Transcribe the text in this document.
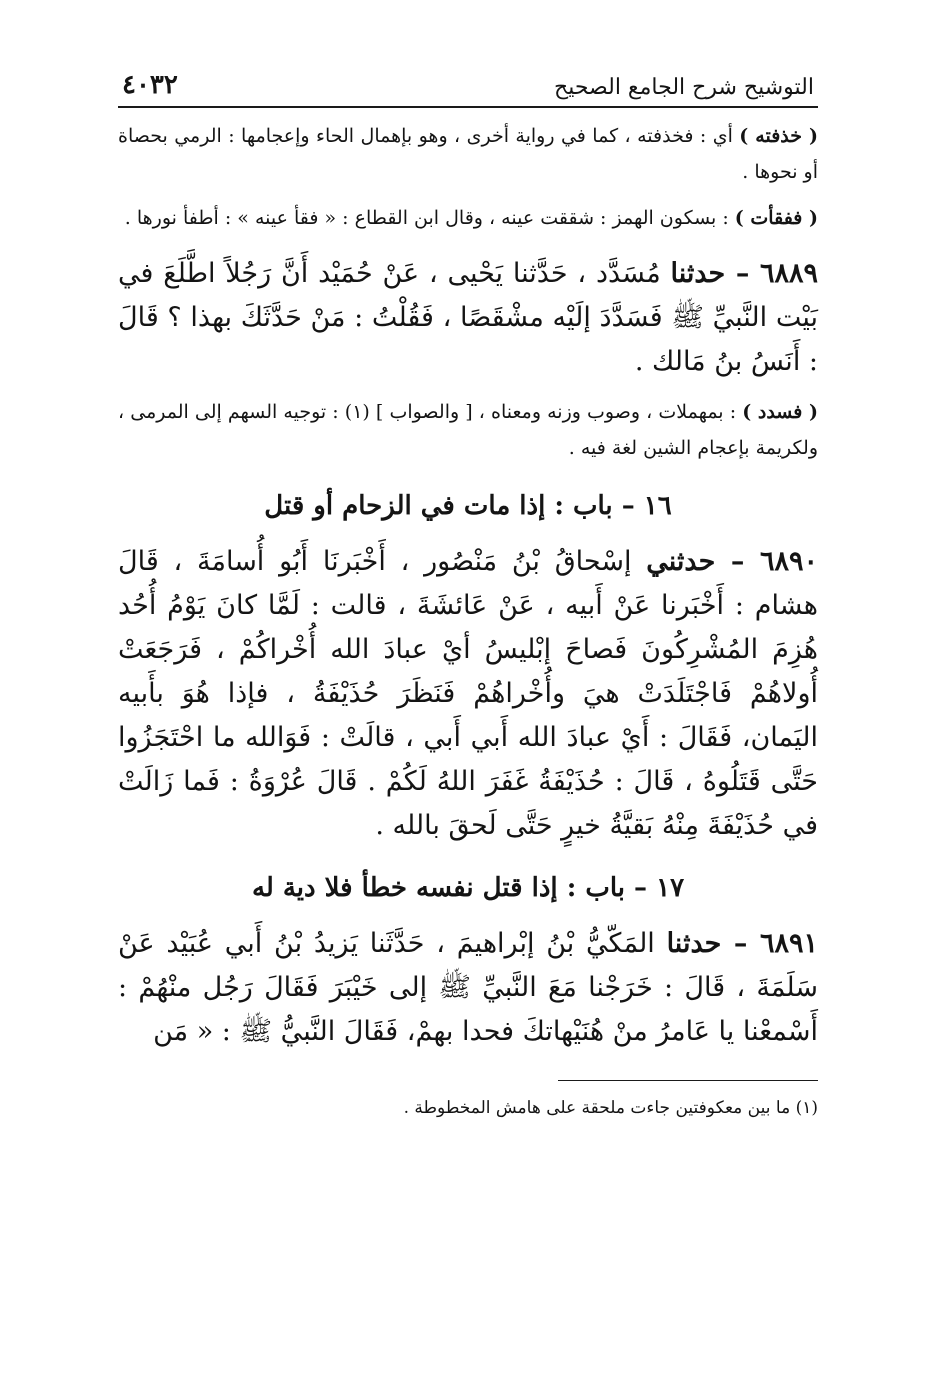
التوشيح شرح الجامع الصحيح
٤٠٣٢

( خذفته ) أي : فخذفته ، كما في رواية أخرى ، وهو بإهمال الحاء وإعجامها : الرمي بحصاة أو نحوها .

( ففقأت ) : بسكون الهمز : شققت عينه ، وقال ابن القطاع : « فقأ عينه » : أطفأ نورها .

٦٨٨٩ – حدثنا مُسَدَّد ، حَدَّثنا يَحْيى ، عَنْ حُمَيْد أَنَّ رَجُلاً اطَّلَعَ في بَيْت النَّبيِّ ﷺ فَسَدَّدَ إلَيْه مشْقَصًا ، فَقُلْتُ : مَنْ حَدَّثَكَ بهذا ؟ قَالَ : أَنَسُ بنُ مَالك .

( فسدد ) : بمهملات ، وصوب وزنه ومعناه ، [ والصواب ] (١) : توجيه السهم إلى المرمى ، ولكريمة بإعجام الشين لغة فيه .

١٦ – باب : إذا مات في الزحام أو قتل

٦٨٩٠ – حدثني إسْحاقُ بْنُ مَنْصُور ، أَخْبَرنَا أَبُو أُسامَةَ ، قَالَ هشام : أَخْبَرنا عَنْ أَبيه ، عَنْ عَائشَةَ ، قالت : لَمَّا كانَ يَوْمُ أُحُد هُزِمَ المُشْرِكُونَ فَصاحَ إبْليسُ أيْ عبادَ الله أُخْراكُمْ ، فَرَجَعَتْ أُولاهُمْ فَاجْتَلَدَتْ هيَ وأُخْراهُمْ فَنَظَرَ حُذَيْفَةُ ، فإذا هُوَ بأَبيه اليَمان، فَقَالَ : أَيْ عبادَ الله أَبي أَبي ، قالَتْ : فَوَالله ما احْتَجَزُوا حَتَّى قَتَلُوهُ ، قَالَ : حُذَيْفَةُ غَفَرَ اللهُ لَكُمْ . قَالَ عُرْوَةُ : فَما زَالَتْ في حُذَيْفَةَ مِنْهُ بَقيَّةُ خيرٍ حَتَّى لَحقَ بالله .

١٧ – باب : إذا قتل نفسه خطأ فلا دية له

٦٨٩١ – حدثنا المَكّيُّ بْنُ إبْراهيمَ ، حَدَّثَنا يَزيدُ بْنُ أَبي عُبَيْد عَنْ سَلَمَةَ ، قَالَ : خَرَجْنا مَعَ النَّبيِّ ﷺ إلى خَيْبَرَ فَقَالَ رَجُل منْهُمْ : أَسْمعْنا يا عَامرُ منْ هُنَيْهاتكَ فحدا بهمْ، فَقَالَ النَّبيُّ ﷺ : « مَن

(١) ما بين معكوفتين جاءت ملحقة على هامش المخطوطة .
